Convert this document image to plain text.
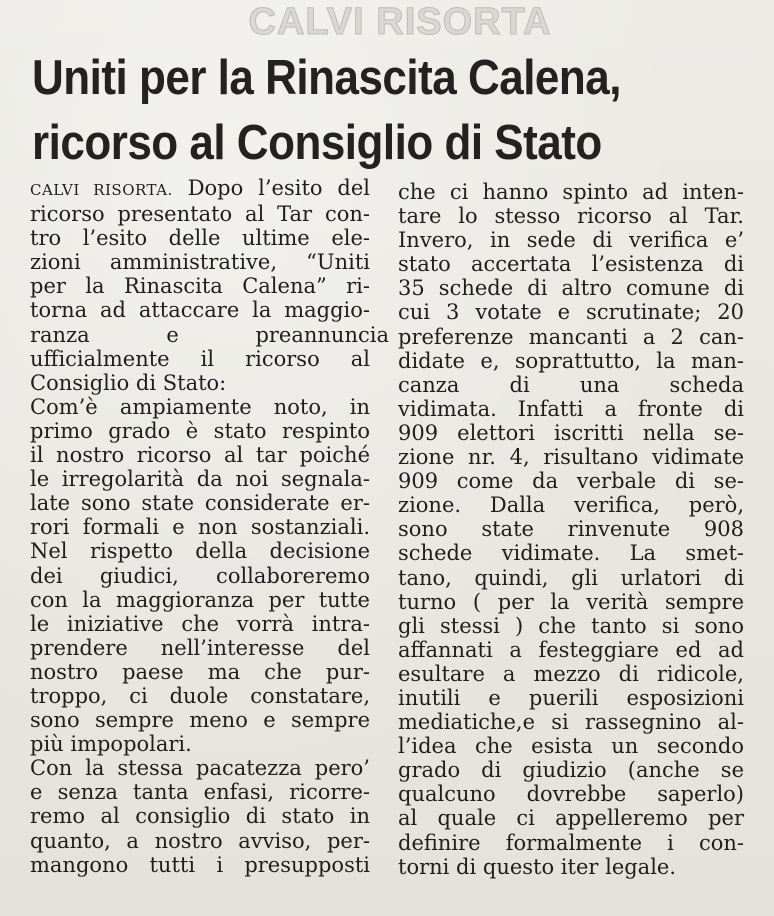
CALVI RISORTA
Uniti per la Rinascita Calena,
ricorso al Consiglio di Stato
CALVI RISORTA. Dopo l’esito del
ricorso presentato al Tar con-
tro l’esito delle ultime ele-
zioni amministrative, “Uniti
per la Rinascita Calena” ri-
torna ad attaccare la maggio-
ranza e preannuncia
ufficialmente il ricorso al
Consiglio di Stato:
Com’è ampiamente noto, in
primo grado è stato respinto
il nostro ricorso al tar poiché
le irregolarità da noi segnala-
late sono state considerate er-
rori formali e non sostanziali.
Nel rispetto della decisione
dei giudici, collaboreremo
con la maggioranza per tutte
le iniziative che vorrà intra-
prendere nell’interesse del
nostro paese ma che pur-
troppo, ci duole constatare,
sono sempre meno e sempre
più impopolari.
Con la stessa pacatezza pero’
e senza tanta enfasi, ricorre-
remo al consiglio di stato in
quanto, a nostro avviso, per-
mangono tutti i presupposti
che ci hanno spinto ad inten-
tare lo stesso ricorso al Tar.
Invero, in sede di verifica e’
stato accertata l’esistenza di
35 schede di altro comune di
cui 3 votate e scrutinate; 20
preferenze mancanti a 2 can-
didate e, soprattutto, la man-
canza di una scheda
vidimata. Infatti a fronte di
909 elettori iscritti nella se-
zione nr. 4, risultano vidimate
909 come da verbale di se-
zione. Dalla verifica, però,
sono state rinvenute 908
schede vidimate. La smet-
tano, quindi, gli urlatori di
turno ( per la verità sempre
gli stessi ) che tanto si sono
affannati a festeggiare ed ad
esultare a mezzo di ridicole,
inutili e puerili esposizioni
mediatiche,e si rassegnino al-
l’idea che esista un secondo
grado di giudizio (anche se
qualcuno dovrebbe saperlo)
al quale ci appelleremo per
definire formalmente i con-
torni di questo iter legale.
